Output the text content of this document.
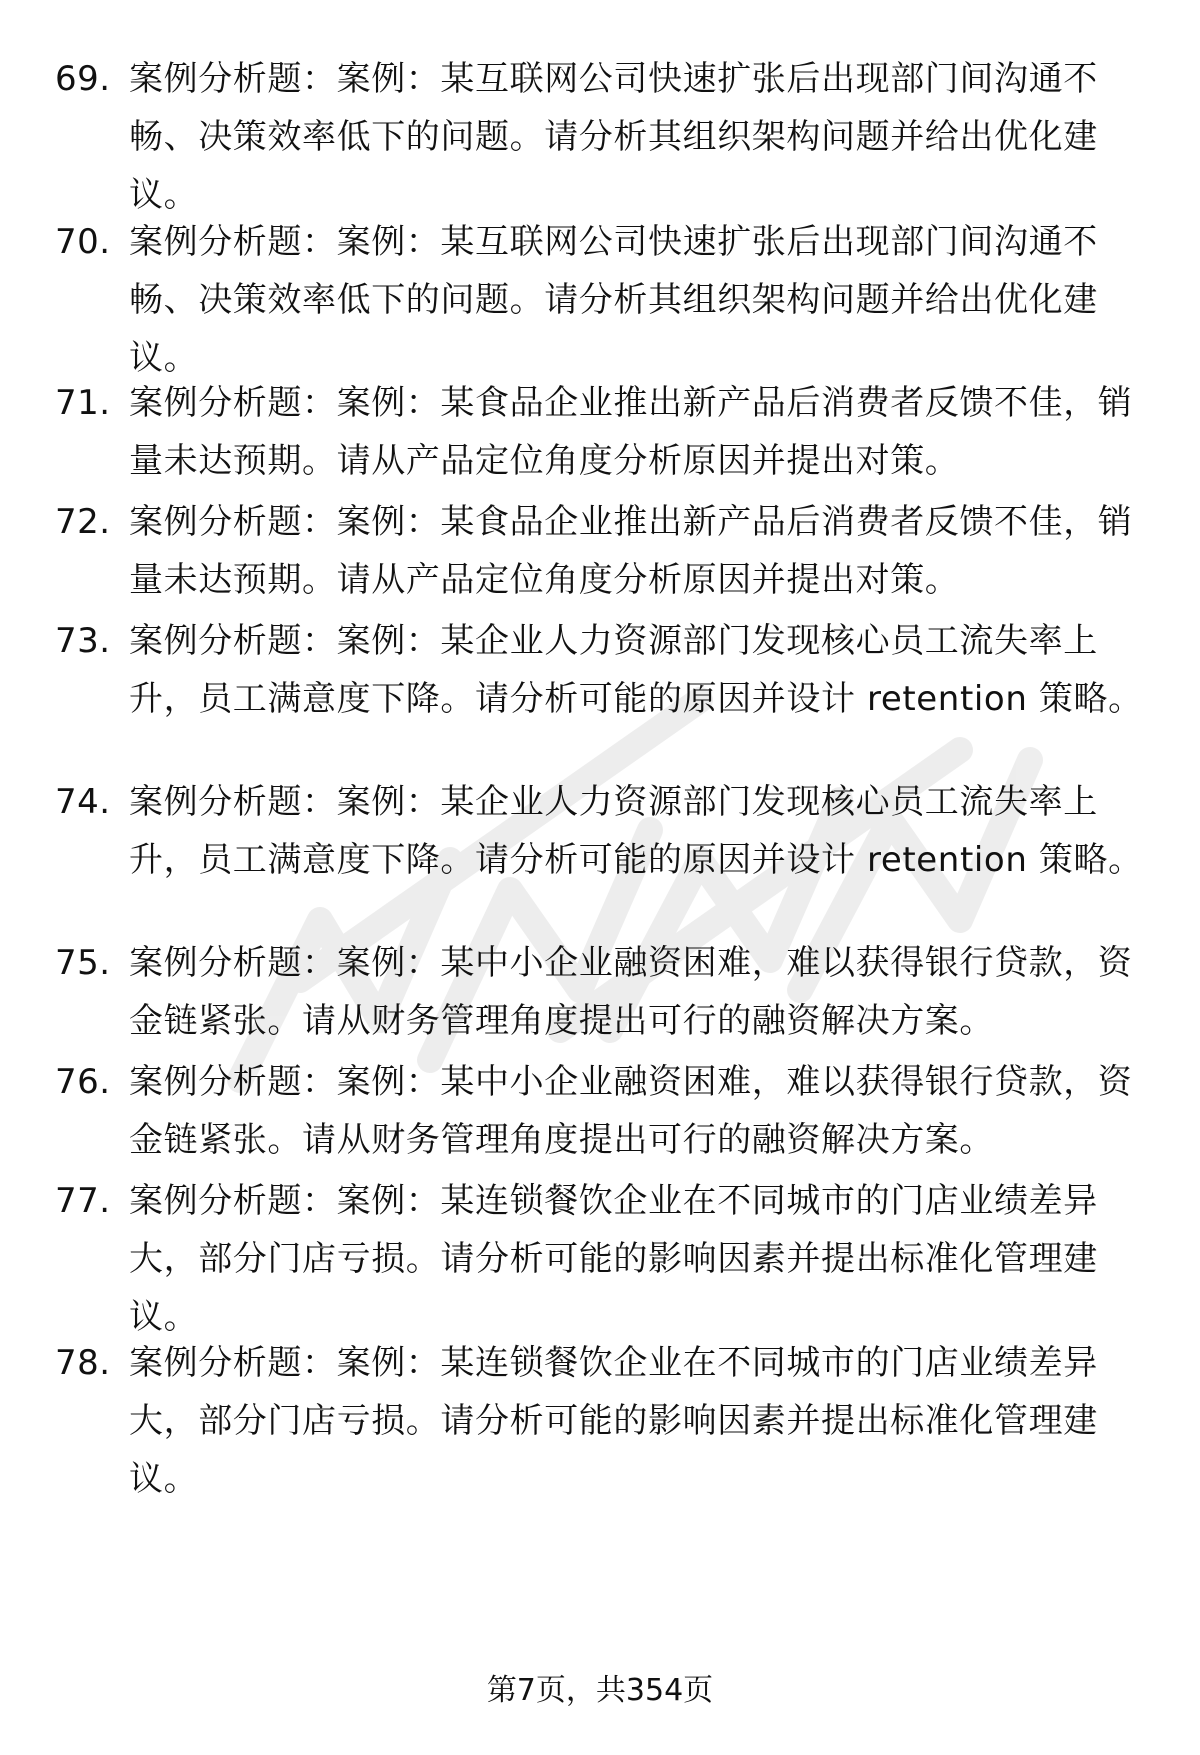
69. 案例分析题：案例：某互联网公司快速扩张后出现部门间沟通不畅、决策效率低下的问题。请分析其组织架构问题并给出优化建议。
70. 案例分析题：案例：某互联网公司快速扩张后出现部门间沟通不畅、决策效率低下的问题。请分析其组织架构问题并给出优化建议。
71. 案例分析题：案例：某食品企业推出新产品后消费者反馈不佳，销量未达预期。请从产品定位角度分析原因并提出对策。
72. 案例分析题：案例：某食品企业推出新产品后消费者反馈不佳，销量未达预期。请从产品定位角度分析原因并提出对策。
73. 案例分析题：案例：某企业人力资源部门发现核心员工流失率上升，员工满意度下降。请分析可能的原因并设计 retention 策略。
74. 案例分析题：案例：某企业人力资源部门发现核心员工流失率上升，员工满意度下降。请分析可能的原因并设计 retention 策略。
75. 案例分析题：案例：某中小企业融资困难，难以获得银行贷款，资金链紧张。请从财务管理角度提出可行的融资解决方案。
76. 案例分析题：案例：某中小企业融资困难，难以获得银行贷款，资金链紧张。请从财务管理角度提出可行的融资解决方案。
77. 案例分析题：案例：某连锁餐饮企业在不同城市的门店业绩差异大，部分门店亏损。请分析可能的影响因素并提出标准化管理建议。
78. 案例分析题：案例：某连锁餐饮企业在不同城市的门店业绩差异大，部分门店亏损。请分析可能的影响因素并提出标准化管理建议。
第7页，共354页
